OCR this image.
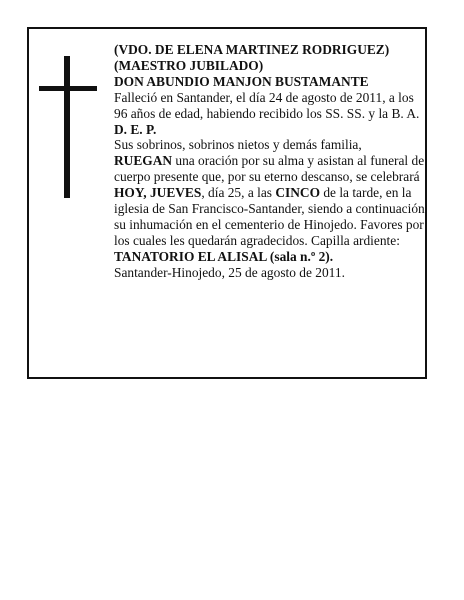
(VDO. DE ELENA MARTINEZ RODRIGUEZ)

(MAESTRO JUBILADO)

DON ABUNDIO MANJON BUSTAMANTE

Falleció en Santander, el día 24 de agosto de 2011, a los 96 años de edad, habiendo recibido los SS. SS. y la B. A.

D. E. P.

Sus sobrinos, sobrinos nietos y demás familia,

RUEGAN una oración por su alma y asistan al funeral de cuerpo presente que, por su eterno descanso, se celebrará HOY, JUEVES, día 25, a las CINCO de la tarde, en la iglesia de San Francisco-Santander, siendo a continuación su inhumación en el cementerio de Hinojedo. Favores por los cuales les quedarán agradecidos. Capilla ardiente: TANATORIO EL ALISAL (sala n.º 2).

Santander-Hinojedo, 25 de agosto de 2011.
